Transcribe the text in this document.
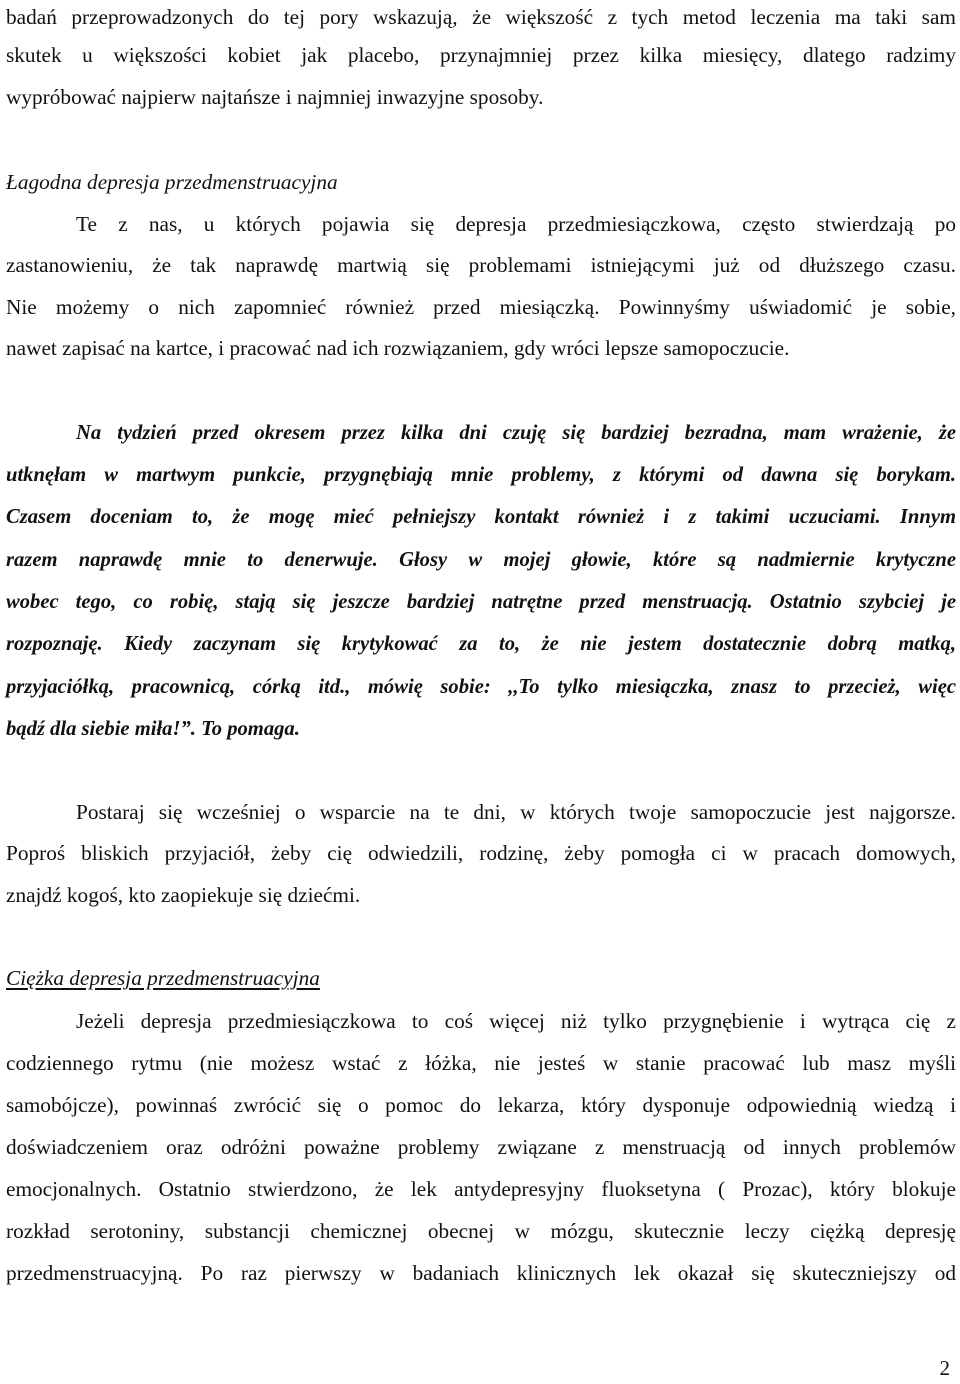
badań przeprowadzonych do tej pory wskazują, że większość z tych metod leczenia ma taki sam
skutek u większości kobiet jak placebo, przynajmniej przez kilka miesięcy, dlatego radzimy
wypróbować najpierw najtańsze i najmniej inwazyjne sposoby.
Łagodna depresja przedmenstruacyjna
Te z nas, u których pojawia się depresja przedmiesiączkowa, często stwierdzają po
zastanowieniu, że tak naprawdę martwią się problemami istniejącymi już od dłuższego czasu.
Nie możemy o nich zapomnieć również przed miesiączką. Powinnyśmy uświadomić je sobie,
nawet zapisać na kartce, i pracować nad ich rozwiązaniem, gdy wróci lepsze samopoczucie.
Na tydzień przed okresem przez kilka dni czuję się bardziej bezradna, mam wrażenie, że
utknęłam w martwym punkcie, przygnębiają mnie problemy, z którymi od dawna się borykam.
Czasem doceniam to, że mogę mieć pełniejszy kontakt również i z takimi uczuciami. Innym
razem naprawdę mnie to denerwuje. Głosy w mojej głowie, które są nadmiernie krytyczne
wobec tego, co robię, stają się jeszcze bardziej natrętne przed menstruacją. Ostatnio szybciej je
rozpoznaję. Kiedy zaczynam się krytykować za to, że nie jestem dostatecznie dobrą matką,
przyjaciółką, pracownicą, córką itd., mówię sobie: ,,To tylko miesiączka, znasz to przecież, więc
bądź dla siebie miła!”. To pomaga.
Postaraj się wcześniej o wsparcie na te dni, w których twoje samopoczucie jest najgorsze.
Poproś bliskich przyjaciół, żeby cię odwiedzili, rodzinę, żeby pomogła ci w pracach domowych,
znajdź kogoś, kto zaopiekuje się dziećmi.
Ciężka depresja przedmenstruacyjna
Jeżeli depresja przedmiesiączkowa to coś więcej niż tylko przygnębienie i wytrąca cię z
codziennego rytmu (nie możesz wstać z łóżka, nie jesteś w stanie pracować lub masz myśli
samobójcze), powinnaś zwrócić się o pomoc do lekarza, który dysponuje odpowiednią wiedzą i
doświadczeniem oraz odróżni poważne problemy związane z menstruacją od innych problemów
emocjonalnych. Ostatnio stwierdzono, że lek antydepresyjny fluoksetyna ( Prozac), który blokuje
rozkład serotoniny, substancji chemicznej obecnej w mózgu, skutecznie leczy ciężką depresję
przedmenstruacyjną. Po raz pierwszy w badaniach klinicznych lek okazał się skuteczniejszy od
2
